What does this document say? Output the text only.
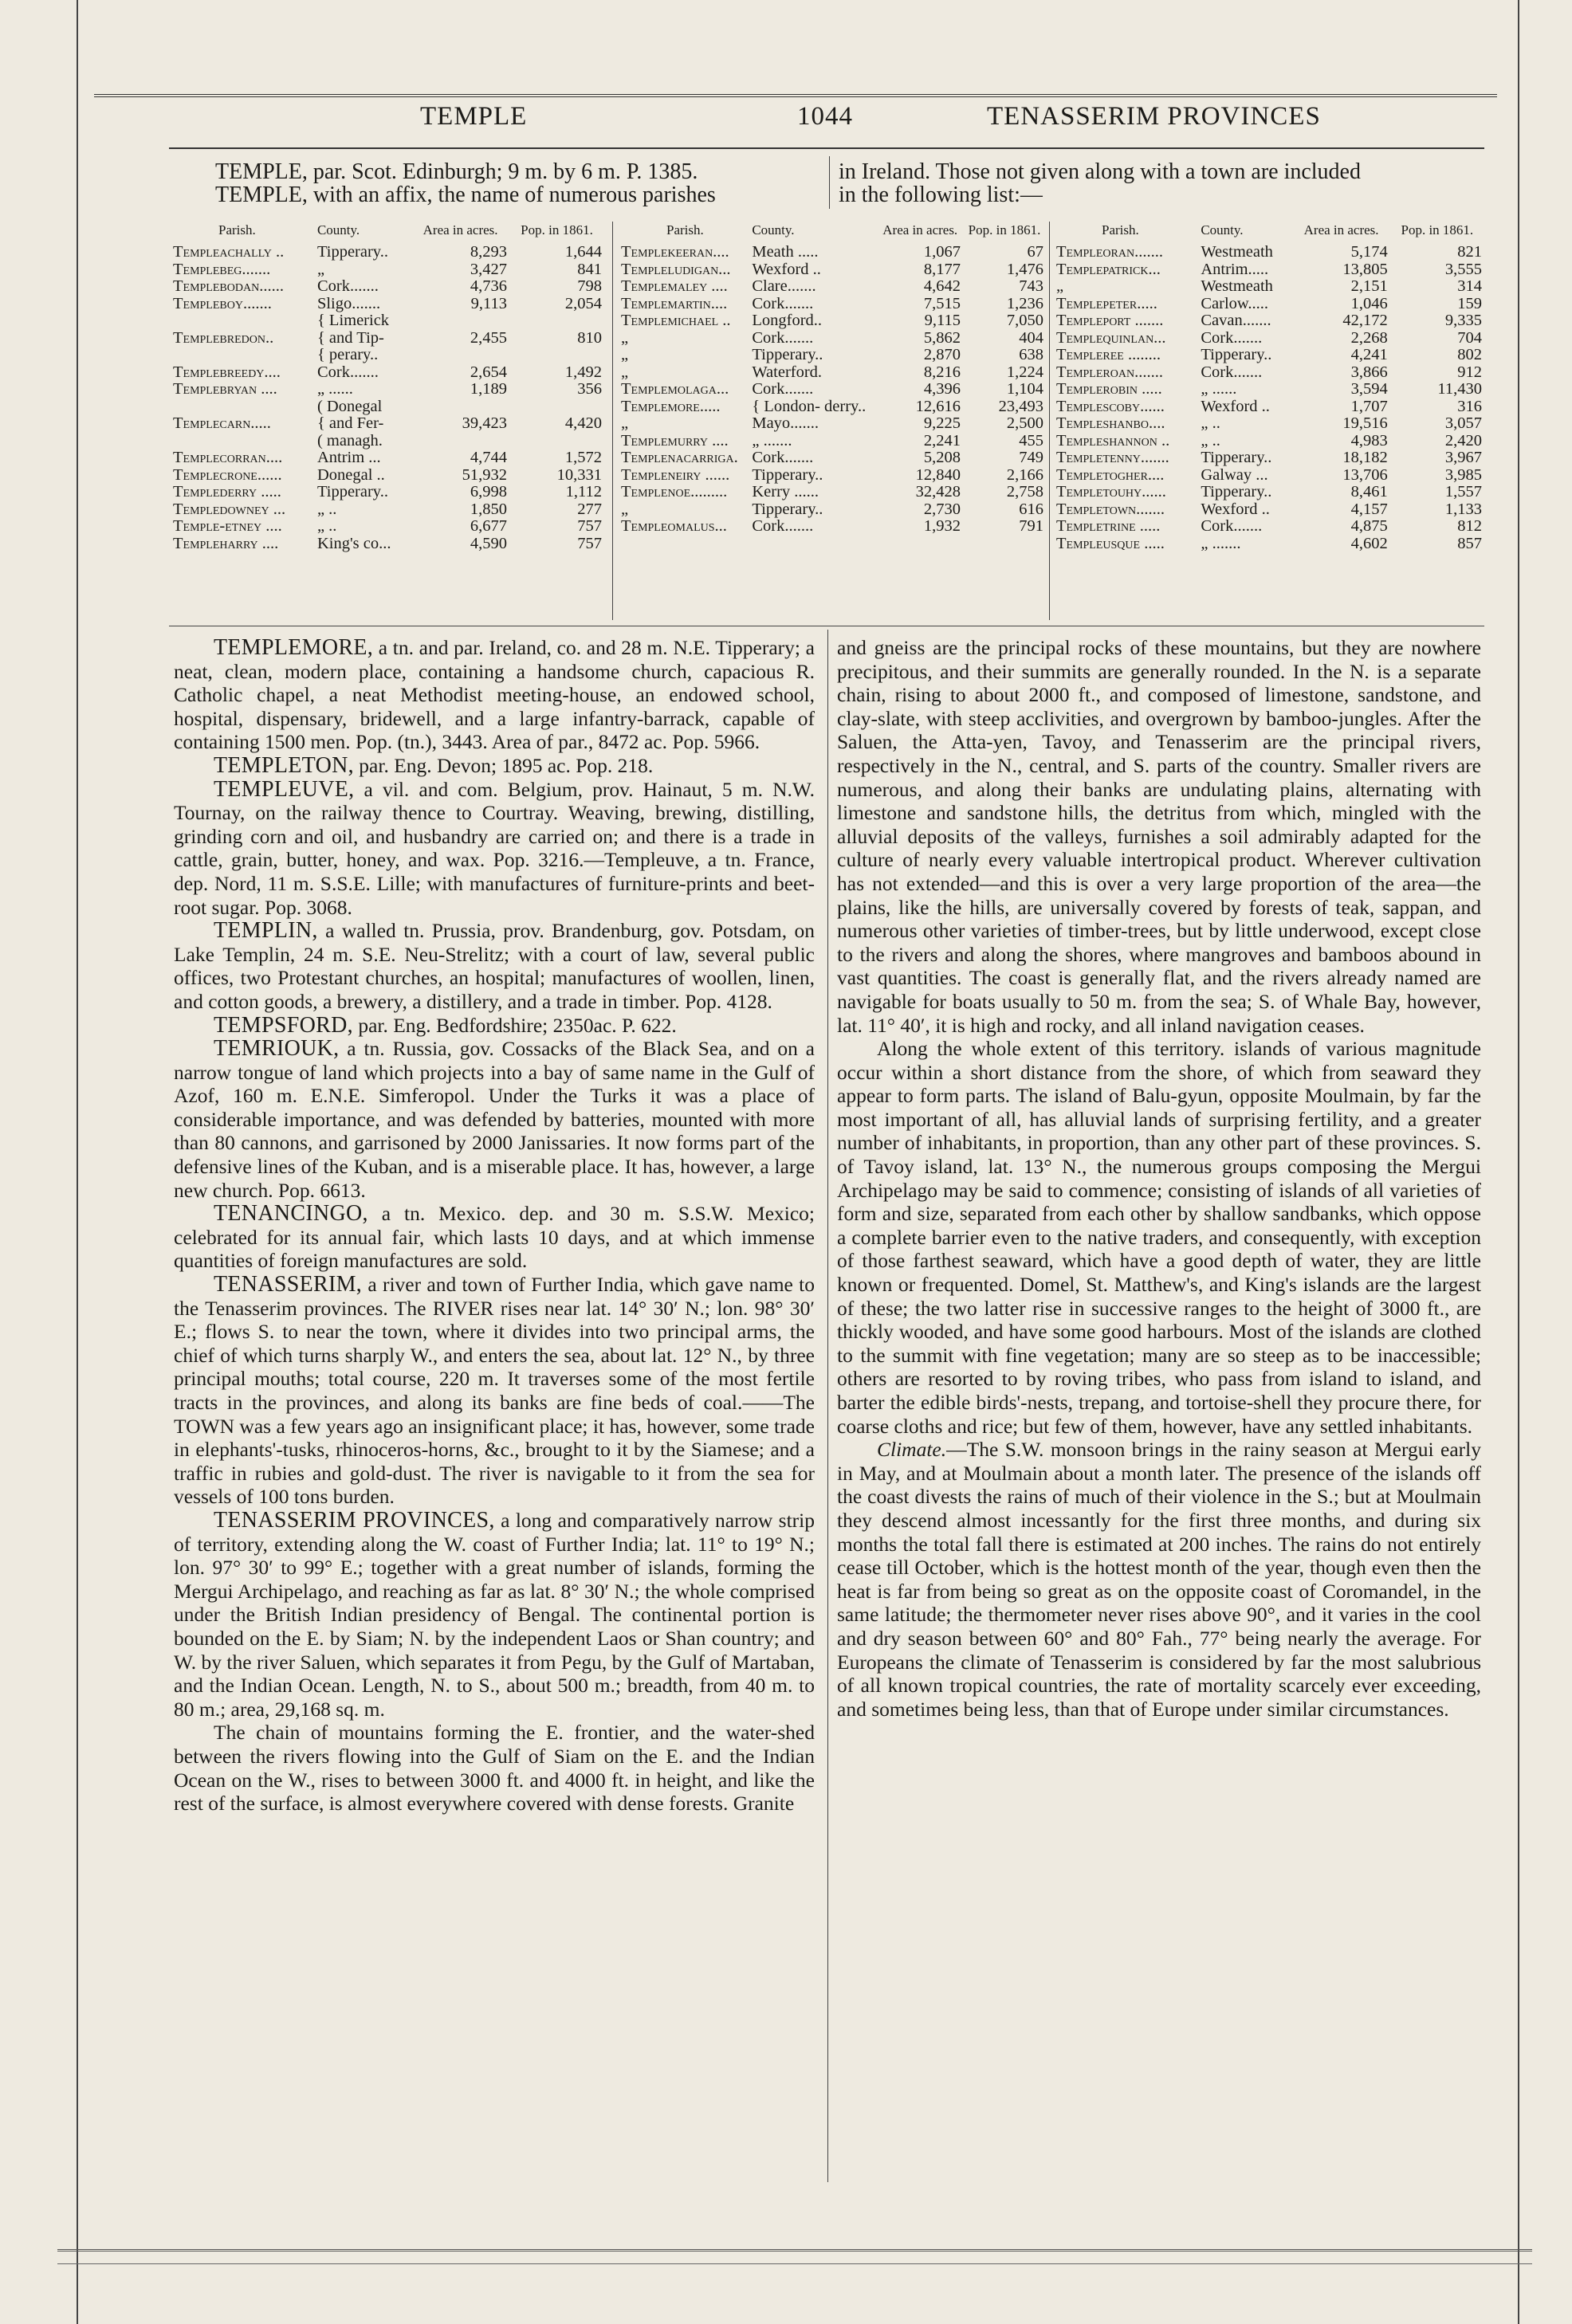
TEMPLE	1044	TENASSERIM PROVINCES
TEMPLE, par. Scot. Edinburgh; 9 m. by 6 m. P. 1385.
TEMPLE, with an affix, the name of numerous parishes
in Ireland. Those not given along with a town are included
in the following list:—
Parish.	County.	Area in acres.	Pop. in 1861.
Templeachally ..	Tipperary..	8,293	1,644
Templebeg.......	„	3,427	841
Templebodan......	Cork.......	4,736	798
Templeboy.......	Sligo.......	9,113	2,054
	{ Limerick		
Templebredon..	{ and Tip-	2,455	810
	{ perary..		
Templebreedy....	Cork.......	2,654	1,492
Templebryan ....	„ ......	1,189	356
	( Donegal		
Templecarn.....	{ and Fer-	39,423	4,420
	( managh.		
Templecorran....	Antrim ...	4,744	1,572
Templecrone......	Donegal ..	51,932	10,331
Templederry .....	Tipperary..	6,998	1,112
Templedowney ...	„ ..	1,850	277
Temple-etney ....	„ ..	6,677	757
Templeharry ....	King's co...	4,590	757
Parish.	County.	Area in acres.	Pop. in 1861.
Templekeeran....	Meath .....	1,067	67
Templeludigan...	Wexford ..	8,177	1,476
Templemaley ....	Clare.......	4,642	743
Templemartin....	Cork.......	7,515	1,236
Templemichael ..	Longford..	9,115	7,050
„	Cork.......	5,862	404
„	Tipperary..	2,870	638
„	Waterford.	8,216	1,224
Templemolaga...	Cork.......	4,396	1,104
Templemore.....	{ London- derry..	12,616	23,493
„	Mayo.......	9,225	2,500
Templemurry ....	„ .......	2,241	455
Templenacarriga.	Cork.......	5,208	749
Templeneiry ......	Tipperary..	12,840	2,166
Templenoe.........	Kerry ......	32,428	2,758
„	Tipperary..	2,730	616
Templeomalus...	Cork.......	1,932	791
Parish.	County.	Area in acres.	Pop. in 1861.
Templeoran.......	Westmeath	5,174	821
Templepatrick...	Antrim.....	13,805	3,555
„	Westmeath	2,151	314
Templepeter.....	Carlow.....	1,046	159
Templeport .......	Cavan.......	42,172	9,335
Templequinlan...	Cork.......	2,268	704
Templeree ........	Tipperary..	4,241	802
Templeroan.......	Cork.......	3,866	912
Templerobin .....	„ ......	3,594	11,430
Templescoby......	Wexford ..	1,707	316
Templeshanbo....	„ ..	19,516	3,057
Templeshannon ..	„ ..	4,983	2,420
Templetenny.......	Tipperary..	18,182	3,967
Templetogher....	Galway ...	13,706	3,985
Templetouhy......	Tipperary..	8,461	1,557
Templetown.......	Wexford ..	4,157	1,133
Templetrine .....	Cork.......	4,875	812
Templeusque .....	„ .......	4,602	857

TEMPLEMORE, a tn. and par. Ireland, co. and 28 m. N.E. Tipperary; a neat, clean, modern place, containing a handsome church, capacious R. Catholic chapel, a neat Methodist meeting-house, an endowed school, hospital, dispensary, bridewell, and a large infantry-barrack, capable of containing 1500 men. Pop. (tn.), 3443. Area of par., 8472 ac. Pop. 5966.

TEMPLETON, par. Eng. Devon; 1895 ac. Pop. 218.

TEMPLEUVE, a vil. and com. Belgium, prov. Hainaut, 5 m. N.W. Tournay, on the railway thence to Courtray. Weaving, brewing, distilling, grinding corn and oil, and husbandry are carried on; and there is a trade in cattle, grain, butter, honey, and wax. Pop. 3216.—Templeuve, a tn. France, dep. Nord, 11 m. S.S.E. Lille; with manufactures of furniture-prints and beet-root sugar. Pop. 3068.

TEMPLIN, a walled tn. Prussia, prov. Brandenburg, gov. Potsdam, on Lake Templin, 24 m. S.E. Neu-Strelitz; with a court of law, several public offices, two Protestant churches, an hospital; manufactures of woollen, linen, and cotton goods, a brewery, a distillery, and a trade in timber. Pop. 4128.

TEMPSFORD, par. Eng. Bedfordshire; 2350ac. P. 622.

TEMRIOUK, a tn. Russia, gov. Cossacks of the Black Sea, and on a narrow tongue of land which projects into a bay of same name in the Gulf of Azof, 160 m. E.N.E. Simferopol. Under the Turks it was a place of considerable importance, and was defended by batteries, mounted with more than 80 cannons, and garrisoned by 2000 Janissaries. It now forms part of the defensive lines of the Kuban, and is a miserable place. It has, however, a large new church. Pop. 6613.

TENANCINGO, a tn. Mexico. dep. and 30 m. S.S.W. Mexico; celebrated for its annual fair, which lasts 10 days, and at which immense quantities of foreign manufactures are sold.

TENASSERIM, a river and town of Further India, which gave name to the Tenasserim provinces. The RIVER rises near lat. 14° 30′ N.; lon. 98° 30′ E.; flows S. to near the town, where it divides into two principal arms, the chief of which turns sharply W., and enters the sea, about lat. 12° N., by three principal mouths; total course, 220 m. It traverses some of the most fertile tracts in the provinces, and along its banks are fine beds of coal.——The TOWN was a few years ago an insignificant place; it has, however, some trade in elephants'-tusks, rhinoceros-horns, &c., brought to it by the Siamese; and a traffic in rubies and gold-dust. The river is navigable to it from the sea for vessels of 100 tons burden.

TENASSERIM PROVINCES, a long and comparatively narrow strip of territory, extending along the W. coast of Further India; lat. 11° to 19° N.; lon. 97° 30′ to 99° E.; together with a great number of islands, forming the Mergui Archipelago, and reaching as far as lat. 8° 30′ N.; the whole comprised under the British Indian presidency of Bengal. The continental portion is bounded on the E. by Siam; N. by the independent Laos or Shan country; and W. by the river Saluen, which separates it from Pegu, by the Gulf of Martaban, and the Indian Ocean. Length, N. to S., about 500 m.; breadth, from 40 m. to 80 m.; area, 29,168 sq. m.

The chain of mountains forming the E. frontier, and the water-shed between the rivers flowing into the Gulf of Siam on the E. and the Indian Ocean on the W., rises to between 3000 ft. and 4000 ft. in height, and like the rest of the surface, is almost everywhere covered with dense forests. Granite

and gneiss are the principal rocks of these mountains, but they are nowhere precipitous, and their summits are generally rounded. In the N. is a separate chain, rising to about 2000 ft., and composed of limestone, sandstone, and clay-slate, with steep acclivities, and overgrown by bamboo-jungles. After the Saluen, the Atta-yen, Tavoy, and Tenasserim are the principal rivers, respectively in the N., central, and S. parts of the country. Smaller rivers are numerous, and along their banks are undulating plains, alternating with limestone and sandstone hills, the detritus from which, mingled with the alluvial deposits of the valleys, furnishes a soil admirably adapted for the culture of nearly every valuable intertropical product. Wherever cultivation has not extended—and this is over a very large proportion of the area—the plains, like the hills, are universally covered by forests of teak, sappan, and numerous other varieties of timber-trees, but by little underwood, except close to the rivers and along the shores, where mangroves and bamboos abound in vast quantities. The coast is generally flat, and the rivers already named are navigable for boats usually to 50 m. from the sea; S. of Whale Bay, however, lat. 11° 40′, it is high and rocky, and all inland navigation ceases.

Along the whole extent of this territory. islands of various magnitude occur within a short distance from the shore, of which from seaward they appear to form parts. The island of Balu-gyun, opposite Moulmain, by far the most important of all, has alluvial lands of surprising fertility, and a greater number of inhabitants, in proportion, than any other part of these provinces. S. of Tavoy island, lat. 13° N., the numerous groups composing the Mergui Archipelago may be said to commence; consisting of islands of all varieties of form and size, separated from each other by shallow sandbanks, which oppose a complete barrier even to the native traders, and consequently, with exception of those farthest seaward, which have a good depth of water, they are little known or frequented. Domel, St. Matthew's, and King's islands are the largest of these; the two latter rise in successive ranges to the height of 3000 ft., are thickly wooded, and have some good harbours. Most of the islands are clothed to the summit with fine vegetation; many are so steep as to be inaccessible; others are resorted to by roving tribes, who pass from island to island, and barter the edible birds'-nests, trepang, and tortoise-shell they procure there, for coarse cloths and rice; but few of them, however, have any settled inhabitants.

Climate.—The S.W. monsoon brings in the rainy season at Mergui early in May, and at Moulmain about a month later. The presence of the islands off the coast divests the rains of much of their violence in the S.; but at Moulmain they descend almost incessantly for the first three months, and during six months the total fall there is estimated at 200 inches. The rains do not entirely cease till October, which is the hottest month of the year, though even then the heat is far from being so great as on the opposite coast of Coromandel, in the same latitude; the thermometer never rises above 90°, and it varies in the cool and dry season between 60° and 80° Fah., 77° being nearly the average. For Europeans the climate of Tenasserim is considered by far the most salubrious of all known tropical countries, the rate of mortality scarcely ever exceeding, and sometimes being less, than that of Europe under similar circumstances.
